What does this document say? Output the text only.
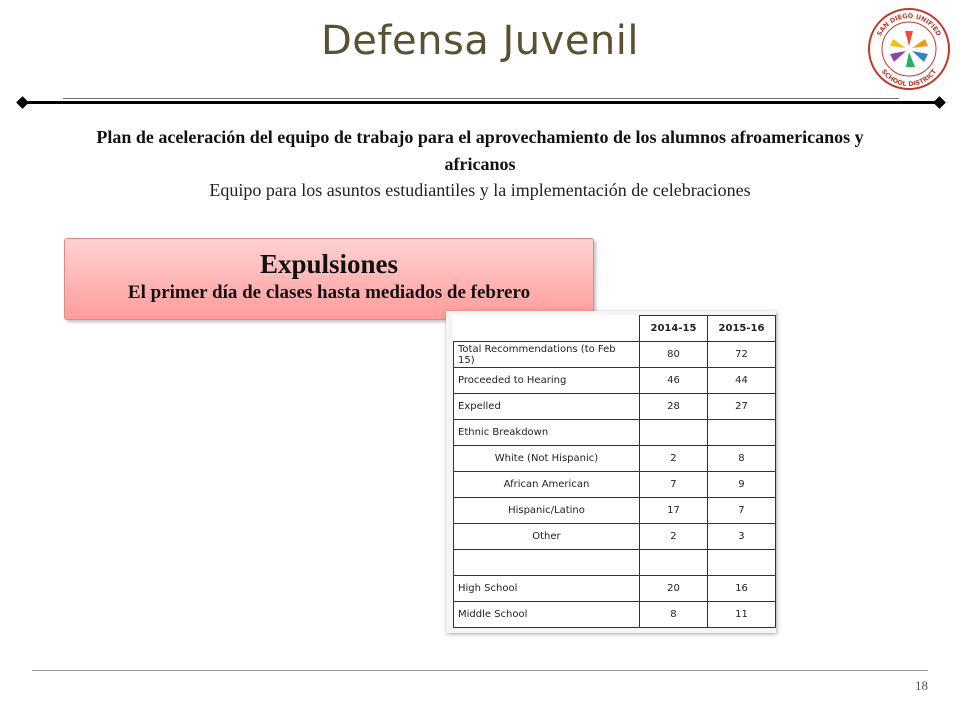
Defensa Juvenil	SAN DIEGO UNIFIED
SCHOOL DISTRICT
Plan de aceleración del equipo de trabajo para el aprovechamiento de los alumnos afroamericanos y africanos
Equipo para los asuntos estudiantiles y la implementación de celebraciones
Expulsiones
El primer día de clases hasta mediados de febrero
	2014-15	2015-16
Total Recommendations (to Feb 15)	80	72
Proceeded to Hearing	46	44
Expelled	28	27
Ethnic Breakdown		
White (Not Hispanic)	2	8
African American	7	9
Hispanic/Latino	17	7
Other	2	3

High School	20	16
Middle School	8	11
18
